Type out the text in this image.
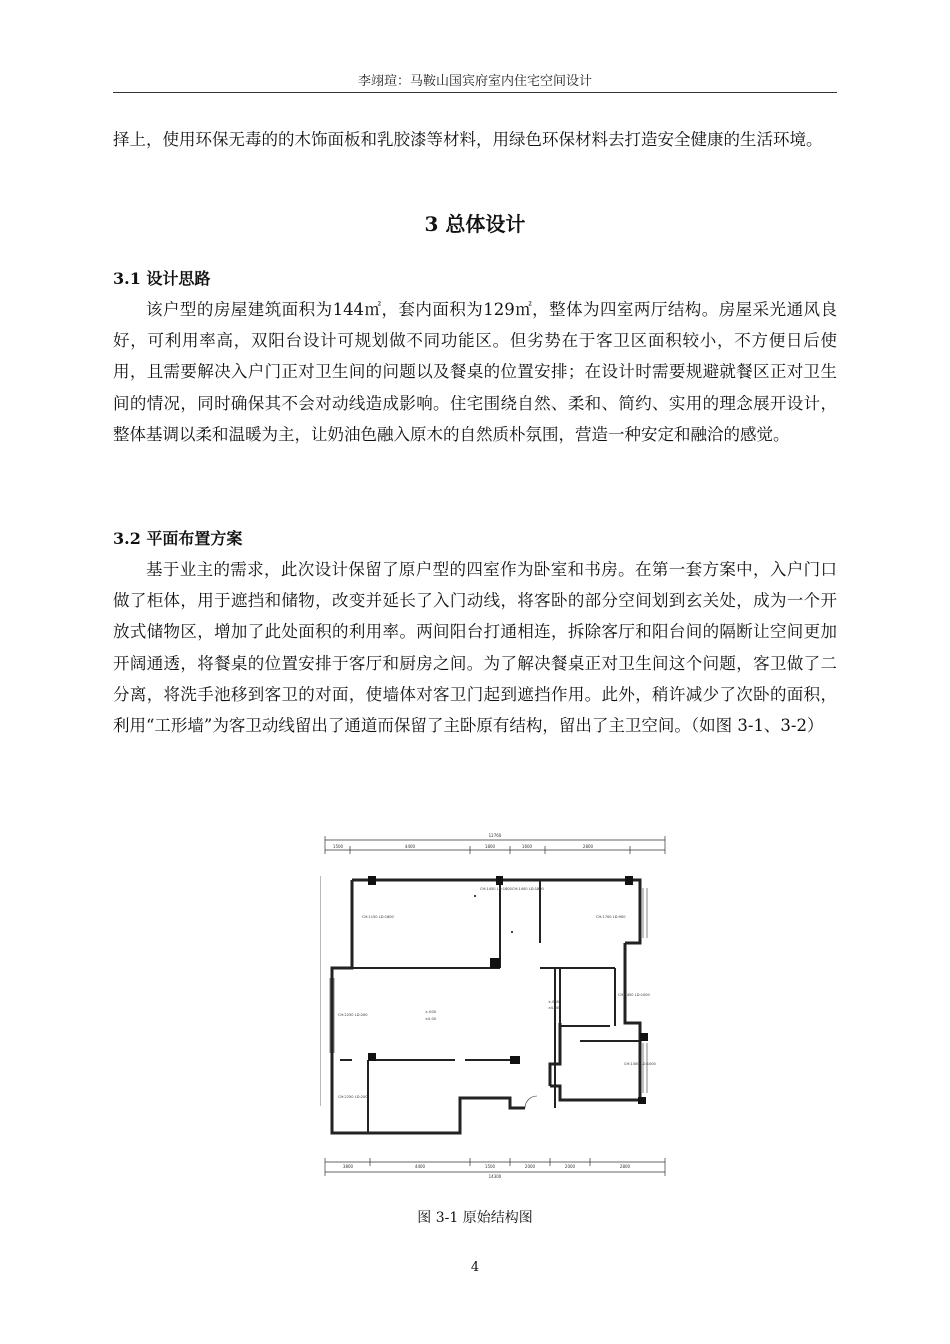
李翊瑄：马鞍山国宾府室内住宅空间设计

择上，使用环保无毒的的木饰面板和乳胶漆等材料，用绿色环保材料去打造安全健康的生活环境。

3 总体设计
3.1 设计思路

该户型的房屋建筑面积为144㎡，套内面积为129㎡，整体为四室两厅结构。房屋采光通风良好，可利用率高，双阳台设计可规划做不同功能区。但劣势在于客卫区面积较小，不方便日后使用，且需要解决入户门正对卫生间的问题以及餐桌的位置安排；在设计时需要规避就餐区正对卫生间的情况，同时确保其不会对动线造成影响。住宅围绕自然、柔和、简约、实用的理念展开设计，整体基调以柔和温暖为主，让奶油色融入原木的自然质朴氛围，营造一种安定和融洽的感觉。

3.2 平面布置方案

基于业主的需求，此次设计保留了原户型的四室作为卧室和书房。在第一套方案中，入户门口做了柜体，用于遮挡和储物，改变并延长了入门动线，将客卧的部分空间划到玄关处，成为一个开放式储物区，增加了此处面积的利用率。两间阳台打通相连，拆除客厅和阳台间的隔断让空间更加开阔通透，将餐桌的位置安排于客厅和厨房之间。为了解决餐桌正对卫生间这个问题，客卫做了二分离，将洗手池移到客卫的对面，使墙体对客卫门起到遮挡作用。此外，稍许减少了次卧的面积，利用“工形墙”为客卫动线留出了通道而保留了主卧原有结构，留出了主卫空间。（如图 3-1、3-2）

12760
1500	4400	1800	1600	2800
3800	4400	1500	2000	2000	2800
14300
CH:1150 LD:1800
CH:1450 LD:1800 CH:1400 LD:1800
CH:1700 LD:900
CH:1450 LD:1000
CH:2250 LD:200
CH:2250 LD:200
CH:1400 LD:1000
±.000
±0.00
±.000
±0.00
图 3-1 原始结构图
4
